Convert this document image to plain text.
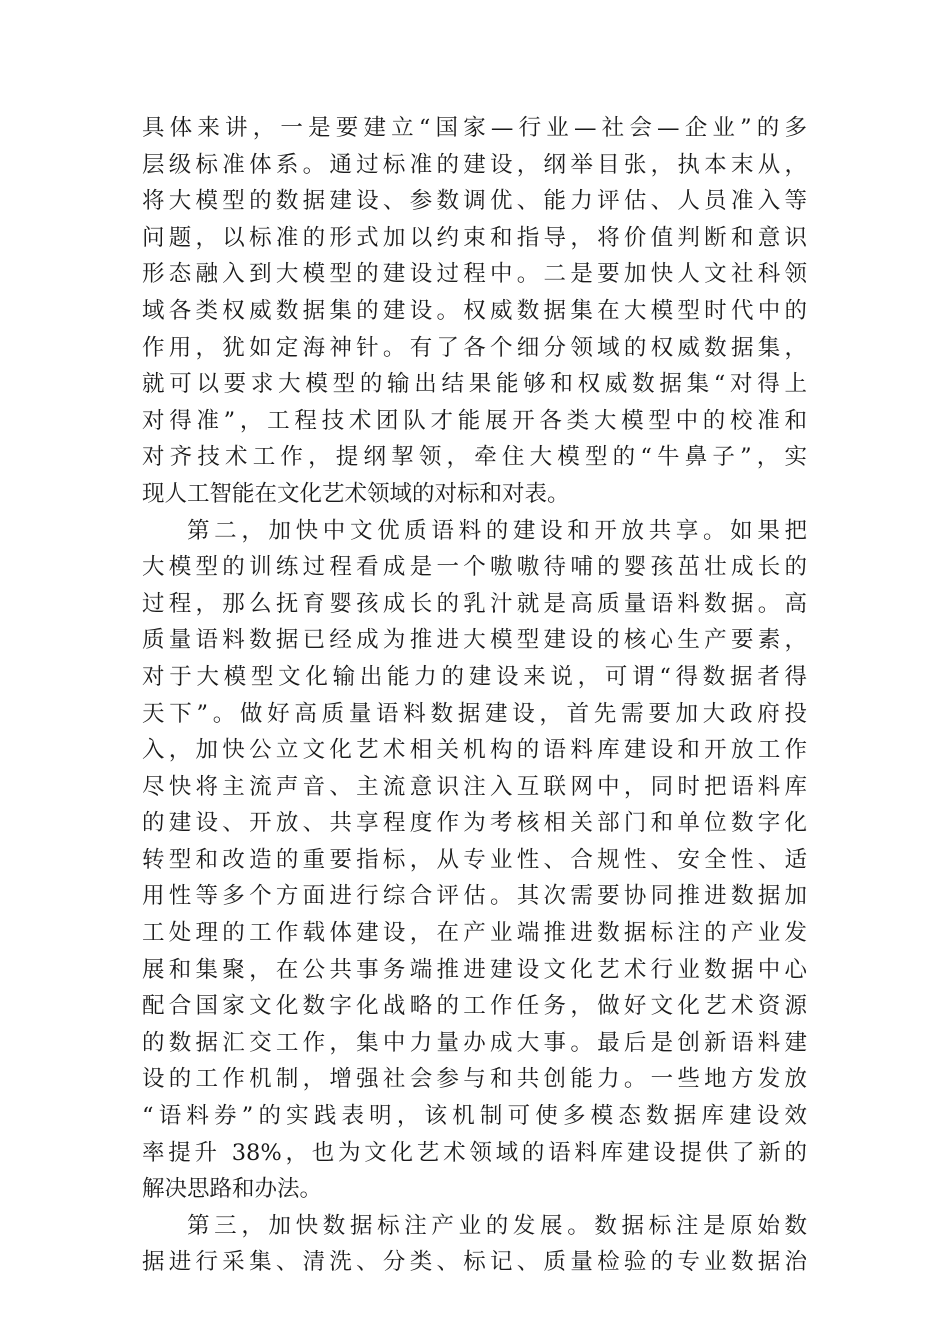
具体来讲，一是要建立“国家—行业—社会—企业”的多
层级标准体系。通过标准的建设，纲举目张，执本末从，
将大模型的数据建设、参数调优、能力评估、人员准入等
问题，以标准的形式加以约束和指导，将价值判断和意识
形态融入到大模型的建设过程中。二是要加快人文社科领
域各类权威数据集的建设。权威数据集在大模型时代中的
作用，犹如定海神针。有了各个细分领域的权威数据集，
就可以要求大模型的输出结果能够和权威数据集“对得上
对得准”，工程技术团队才能展开各类大模型中的校准和
对齐技术工作，提纲挈领，牵住大模型的“牛鼻子”，实
现人工智能在文化艺术领域的对标和对表。
第二，加快中文优质语料的建设和开放共享。如果把
大模型的训练过程看成是一个嗷嗷待哺的婴孩茁壮成长的
过程，那么抚育婴孩成长的乳汁就是高质量语料数据。高
质量语料数据已经成为推进大模型建设的核心生产要素，
对于大模型文化输出能力的建设来说，可谓“得数据者得
天下”。做好高质量语料数据建设，首先需要加大政府投
入，加快公立文化艺术相关机构的语料库建设和开放工作
尽快将主流声音、主流意识注入互联网中，同时把语料库
的建设、开放、共享程度作为考核相关部门和单位数字化
转型和改造的重要指标，从专业性、合规性、安全性、适
用性等多个方面进行综合评估。其次需要协同推进数据加
工处理的工作载体建设，在产业端推进数据标注的产业发
展和集聚，在公共事务端推进建设文化艺术行业数据中心
配合国家文化数字化战略的工作任务，做好文化艺术资源
的数据汇交工作，集中力量办成大事。最后是创新语料建
设的工作机制，增强社会参与和共创能力。一些地方发放
“语料券”的实践表明，该机制可使多模态数据库建设效
率提升 38%，也为文化艺术领域的语料库建设提供了新的
解决思路和办法。
第三，加快数据标注产业的发展。数据标注是原始数
据进行采集、清洗、分类、标记、质量检验的专业数据治
